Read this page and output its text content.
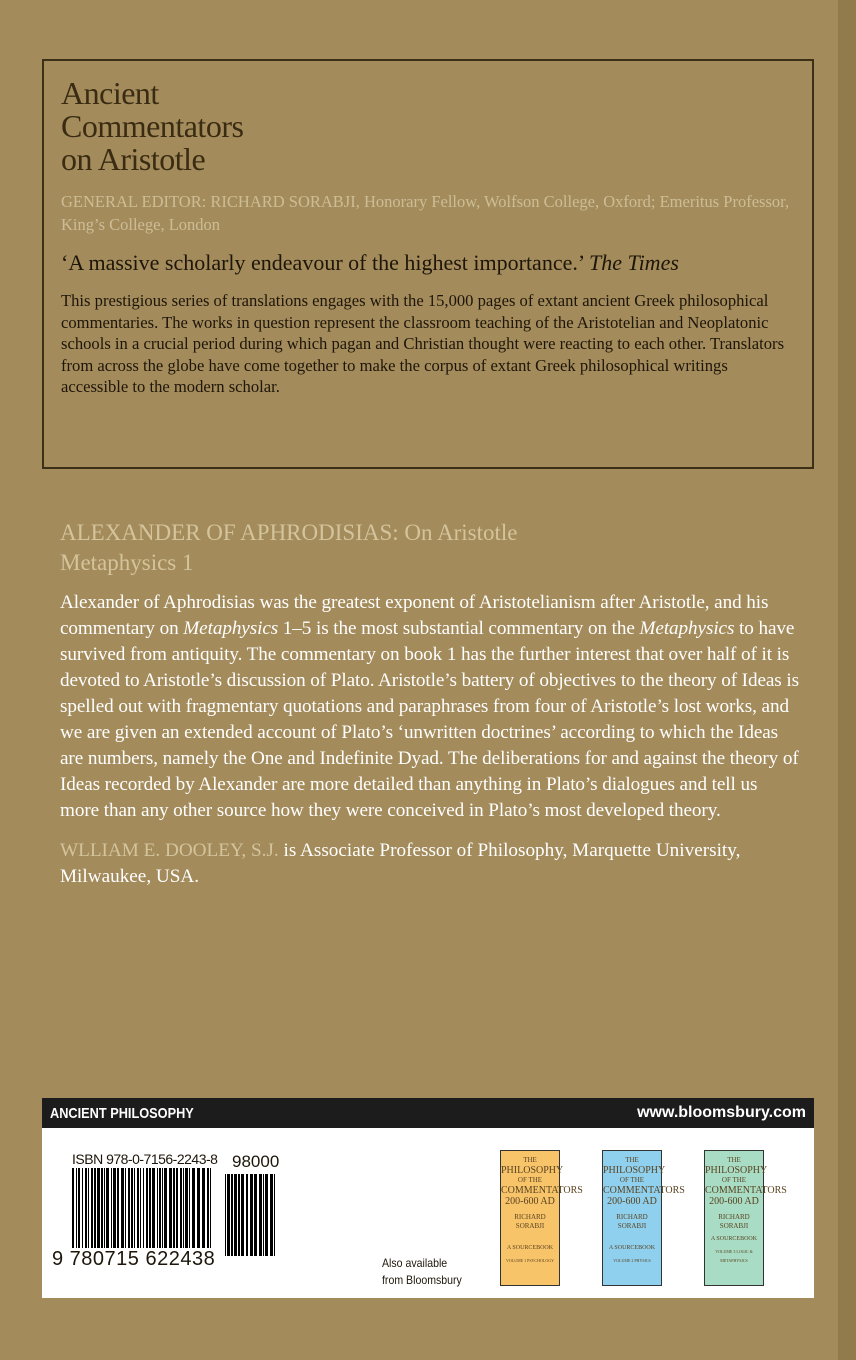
Ancient
Commentators
on Aristotle
GENERAL EDITOR: RICHARD SORABJI, Honorary Fellow, Wolfson College, Oxford; Emeritus Professor, King’s College, London
‘A massive scholarly endeavour of the highest importance.’ The Times
This prestigious series of translations engages with the 15,000 pages of extant ancient Greek philosophical commentaries. The works in question represent the classroom teaching of the Aristotelian and Neoplatonic schools in a crucial period during which pagan and Christian thought were reacting to each other. Translators from across the globe have come together to make the corpus of extant Greek philosophical writings accessible to the modern scholar.
ALEXANDER OF APHRODISIAS: On Aristotle
Metaphysics 1
Alexander of Aphrodisias was the greatest exponent of Aristotelianism after Aristotle, and his commentary on Metaphysics 1–5 is the most substantial commentary on the Metaphysics to have survived from antiquity. The commentary on book 1 has the further interest that over half of it is devoted to Aristotle’s discussion of Plato. Aristotle’s battery of objectives to the theory of Ideas is spelled out with fragmentary quotations and paraphrases from four of Aristotle’s lost works, and we are given an extended account of Plato’s ‘unwritten doctrines’ according to which the Ideas are numbers, namely the One and Indefinite Dyad. The deliberations for and against the theory of Ideas recorded by Alexander are more detailed than anything in Plato’s dialogues and tell us more than any other source how they were conceived in Plato’s most developed theory.
WLLIAM E. DOOLEY, S.J. is Associate Professor of Philosophy, Marquette University, Milwaukee, USA.
ANCIENT PHILOSOPHY	www.bloomsbury.com
ISBN 978-0-7156-2243-8
9 780715 622438
98000
Also available
from Bloomsbury
THE
PHILOSOPHY
OF THE
COMMENTATORS
200-600 AD
RICHARD SORABJI
A SOURCEBOOK
VOLUME 1 PSYCHOLOGY
THE
PHILOSOPHY
OF THE
COMMENTATORS
200-600 AD
RICHARD SORABJI
A SOURCEBOOK
VOLUME 2 PHYSICS
THE
PHILOSOPHY
OF THE
COMMENTATORS
200-600 AD
RICHARD SORABJI
A SOURCEBOOK
VOLUME 3 LOGIC & METAPHYSICS
